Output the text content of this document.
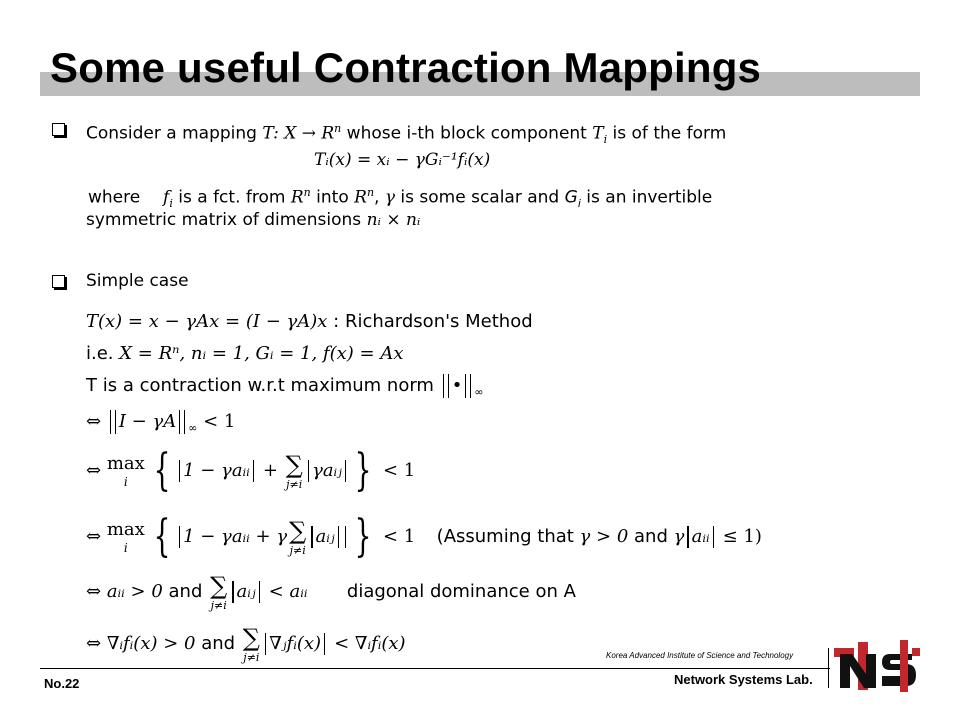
Some useful Contraction Mappings
Consider a mapping T: $X \to R^n$ whose i-th block component $T_i$ is of the form
Tᵢ(x) = xᵢ − γGᵢ⁻¹fᵢ(x)
where $f_i$ is a fct. from $R^n$ into $R^n$, γ is some scalar and $G_i$ is an invertible
symmetric matrix of dimensions nᵢ × nᵢ
Simple case
T(x) = x − γAx = (I − γA)x : Richardson's Method
i.e. X = Rⁿ, nᵢ = 1, Gᵢ = 1, f(x) = Ax
T is a contraction w.r.t maximum norm • $_\infty$
⇔ I − γA $_\infty$ < 1
⇔ max
i { 1 − γaᵢᵢ + ∑
j≠i
γaᵢⱼ } < 1
⇔ max
i { 1 − γaᵢᵢ + γ ∑
j≠i
aᵢⱼ } < 1 (Assuming that γ > 0 and γ aᵢᵢ ≤ 1)
⇔ aᵢᵢ > 0 and ∑
j≠i
aᵢⱼ < aᵢᵢ diagonal dominance on A
⇔ ∇ᵢfᵢ(x) > 0 and ∑
j≠i
∇ⱼfᵢ(x) < ∇ᵢfᵢ(x)
Korea Advanced Institute of Science and Technology
Network Systems Lab.
No.22
